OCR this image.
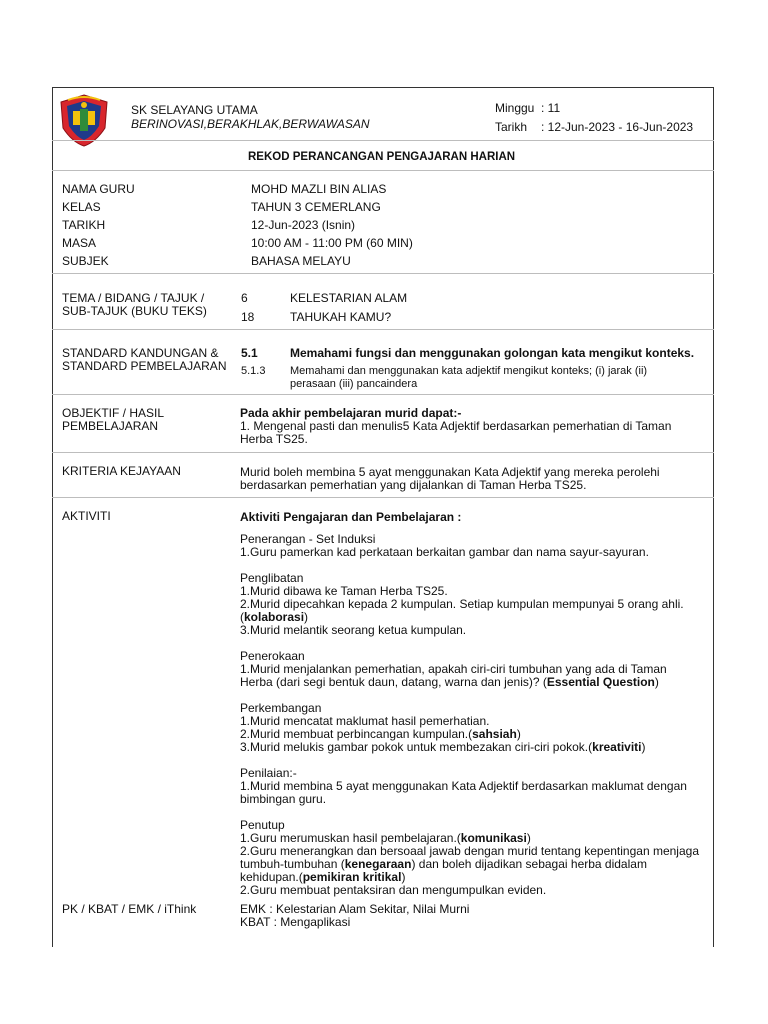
SK SELAYANG UTAMA
BERINOVASI,BERAKHLAK,BERWAWASAN
Minggu : 11
Tarikh : 12-Jun-2023 - 16-Jun-2023
REKOD PERANCANGAN PENGAJARAN HARIAN
NAMA GURU	MOHD MAZLI BIN ALIAS
KELAS	TAHUN 3 CEMERLANG
TARIKH	12-Jun-2023 (Isnin)
MASA	10:00 AM - 11:00 PM (60 MIN)
SUBJEK	BAHASA MELAYU
TEMA / BIDANG / TAJUK /
SUB-TAJUK (BUKU TEKS)
6	KELESTARIAN ALAM
18	TAHUKAH KAMU?
STANDARD KANDUNGAN &
STANDARD PEMBELAJARAN
5.1	Memahami fungsi dan menggunakan golongan kata mengikut konteks.
5.1.3 Memahami dan menggunakan kata adjektif mengikut konteks; (i) jarak (ii)
perasaan (iii) pancaindera
OBJEKTIF / HASIL
PEMBELAJARAN
Pada akhir pembelajaran murid dapat:-
1. Mengenal pasti dan menulis5 Kata Adjektif berdasarkan pemerhatian di Taman
Herba TS25.
KRITERIA KEJAYAAN	Murid boleh membina 5 ayat menggunakan Kata Adjektif yang mereka perolehi
berdasarkan pemerhatian yang dijalankan di Taman Herba TS25.
AKTIVITI	Aktiviti Pengajaran dan Pembelajaran :
Penerangan - Set Induksi
1.Guru pamerkan kad perkataan berkaitan gambar dan nama sayur-sayuran.
Penglibatan
1.Murid dibawa ke Taman Herba TS25.
2.Murid dipecahkan kepada 2 kumpulan. Setiap kumpulan mempunyai 5 orang ahli.
(kolaborasi)
3.Murid melantik seorang ketua kumpulan.
Penerokaan
1.Murid menjalankan pemerhatian, apakah ciri-ciri tumbuhan yang ada di Taman
Herba (dari segi bentuk daun, datang, warna dan jenis)? (Essential Question)
Perkembangan
1.Murid mencatat maklumat hasil pemerhatian.
2.Murid membuat perbincangan kumpulan.(sahsiah)
3.Murid melukis gambar pokok untuk membezakan ciri-ciri pokok.(kreativiti)
Penilaian:-
1.Murid membina 5 ayat menggunakan Kata Adjektif berdasarkan maklumat dengan
bimbingan guru.
Penutup
1.Guru merumuskan hasil pembelajaran.(komunikasi)
2.Guru menerangkan dan bersoaal jawab dengan murid tentang kepentingan menjaga
tumbuh-tumbuhan (kenegaraan) dan boleh dijadikan sebagai herba didalam
kehidupan.(pemikiran kritikal)
2.Guru membuat pentaksiran dan mengumpulkan eviden.
PK / KBAT / EMK / iThink	EMK : Kelestarian Alam Sekitar, Nilai Murni
KBAT : Mengaplikasi
